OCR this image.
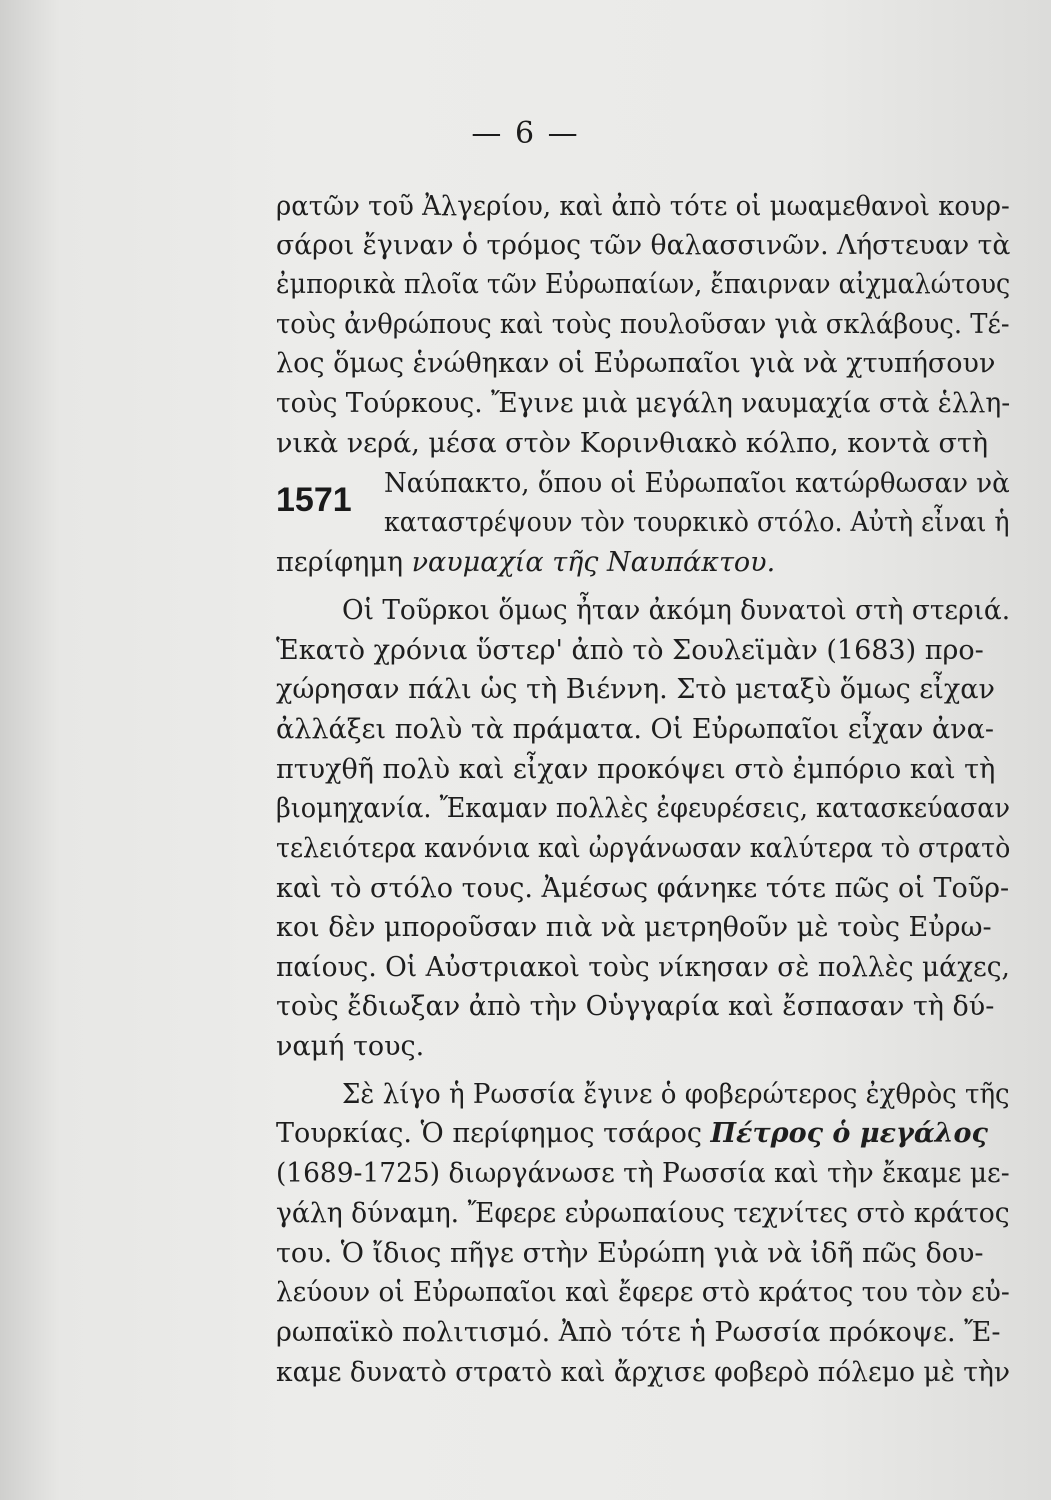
— 6 —
1571
ρατῶν τοῦ Ἀλγερίου, καὶ ἀπὸ τότε οἱ μωαμεθανοὶ κουρ-
σάροι ἔγιναν ὁ τρόμος τῶν θαλασσινῶν. Λήστευαν τὰ
ἐμπορικὰ πλοῖα τῶν Εὐρωπαίων, ἔπαιρναν αἰχμαλώτους
τοὺς ἀνθρώπους καὶ τοὺς πουλοῦσαν γιὰ σκλάβους. Τέ-
λος ὅμως ἑνώθηκαν οἱ Εὐρωπαῖοι γιὰ νὰ χτυπήσουν
τοὺς Τούρκους. Ἔγινε μιὰ μεγάλη ναυμαχία στὰ ἑλλη-
νικὰ νερά, μέσα στὸν Κορινθιακὸ κόλπο, κοντὰ στὴ
Ναύπακτο, ὅπου οἱ Εὐρωπαῖοι κατώρθωσαν νὰ
καταστρέψουν τὸν τουρκικὸ στόλο. Αὐτὴ εἶναι ἡ
περίφημη ναυμαχία τῆς Ναυπάκτου.
Οἱ Τοῦρκοι ὅμως ἦταν ἀκόμη δυνατοὶ στὴ στεριά.
Ἑκατὸ χρόνια ὕστερ' ἀπὸ τὸ Σουλεϊμὰν (1683) προ-
χώρησαν πάλι ὡς τὴ Βιέννη. Στὸ μεταξὺ ὅμως εἶχαν
ἀλλάξει πολὺ τὰ πράματα. Οἱ Εὐρωπαῖοι εἶχαν ἀνα-
πτυχθῆ πολὺ καὶ εἶχαν προκόψει στὸ ἐμπόριο καὶ τὴ
βιομηχανία. Ἔκαμαν πολλὲς ἐφευρέσεις, κατασκεύασαν
τελειότερα κανόνια καὶ ὠργάνωσαν καλύτερα τὸ στρατὸ
καὶ τὸ στόλο τους. Ἀμέσως φάνηκε τότε πῶς οἱ Τοῦρ-
κοι δὲν μποροῦσαν πιὰ νὰ μετρηθοῦν μὲ τοὺς Εὐρω-
παίους. Οἱ Αὐστριακοὶ τοὺς νίκησαν σὲ πολλὲς μάχες,
τοὺς ἔδιωξαν ἀπὸ τὴν Οὑγγαρία καὶ ἔσπασαν τὴ δύ-
ναμή τους.
Σὲ λίγο ἡ Ρωσσία ἔγινε ὁ φοβερώτερος ἐχθρὸς τῆς
Τουρκίας. Ὁ περίφημος τσάρος Πέτρος ὁ μεγάλος
(1689-1725) διωργάνωσε τὴ Ρωσσία καὶ τὴν ἔκαμε με-
γάλη δύναμη. Ἔφερε εὐρωπαίους τεχνίτες στὸ κράτος
του. Ὁ ἴδιος πῆγε στὴν Εὐρώπη γιὰ νὰ ἰδῆ πῶς δου-
λεύουν οἱ Εὐρωπαῖοι καὶ ἔφερε στὸ κράτος του τὸν εὐ-
ρωπαϊκὸ πολιτισμό. Ἀπὸ τότε ἡ Ρωσσία πρόκοψε. Ἔ-
καμε δυνατὸ στρατὸ καὶ ἄρχισε φοβερὸ πόλεμο μὲ τὴν
